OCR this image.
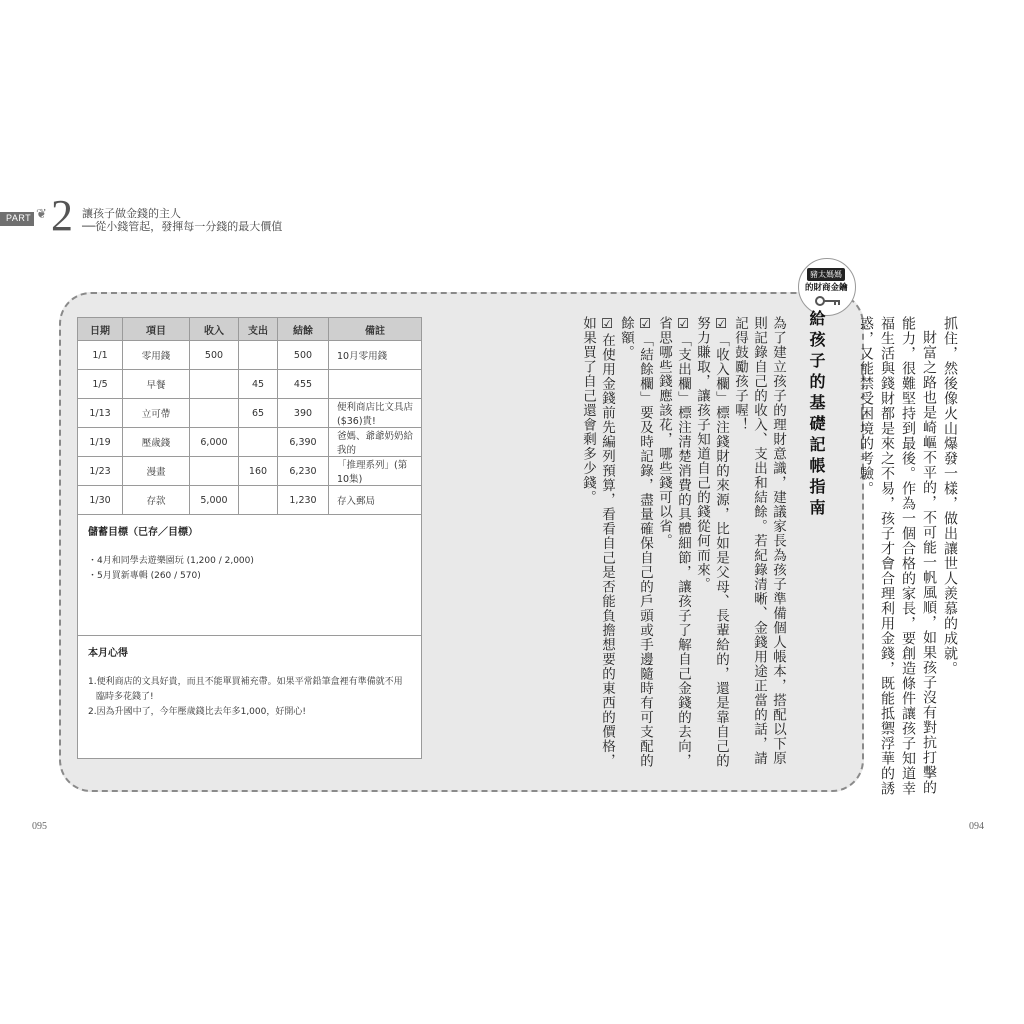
PART ❦ 2 讓孩子做金錢的主人
──從小錢管起，發揮每一分錢的最大價值
日期	項目	收入	支出	結餘	備註
1/1	零用錢	500		500	10月零用錢
1/5	早餐		45	455	
1/13	立可帶		65	390	便利商店比文具店($36)貴!
1/19	壓歲錢	6,000		6,390	爸媽、爺爺奶奶給我的
1/23	漫畫		160	6,230	「推理系列」(第10集)
1/30	存款	5,000		1,230	存入郵局

儲蓄目標（已存／目標）
・4月和同學去遊樂園玩 (1,200 / 2,000)
・5月買新專輯 (260 / 570)					

本月心得
1.便利商店的文具好貴，而且不能單買補充帶。如果平常鉛筆盒裡有準備就不用
臨時多花錢了!
2.因為升國中了，今年壓歲錢比去年多1,000，好開心!					
豬太媽媽
的財商金鑰
給孩子的基礎記帳指南

為了建立孩子的理財意識，建議家長為孩子準備個人帳本，搭配以下原則記錄自己的收入、支出和結餘。若紀錄清晰、金錢用途正當的話，請記得鼓勵孩子喔！

☑「收入欄」標注錢財的來源，比如是父母、長輩給的，還是靠自己的努力賺取，讓孩子知道自己的錢從何而來。

☑「支出欄」標注清楚消費的具體細節，讓孩子了解自己金錢的去向，省思哪些錢應該花，哪些錢可以省。

☑「結餘欄」要及時記錄，盡量確保自己的戶頭或手邊隨時有可支配的餘額。

☑在使用金錢前先編列預算，看看自己是否能負擔想要的東西的價格，如果買了自己還會剩多少錢。	抓住，然後像火山爆發一樣，做出讓世人羨慕的成就。

財富之路也是崎嶇不平的，不可能一帆風順，如果孩子沒有對抗打擊的能力，很難堅持到最後。作為一個合格的家長，要創造條件讓孩子知道幸福生活與錢財都是來之不易，孩子才會合理利用金錢，既能抵禦浮華的誘惑，又能禁受困境的考驗。

095	094
